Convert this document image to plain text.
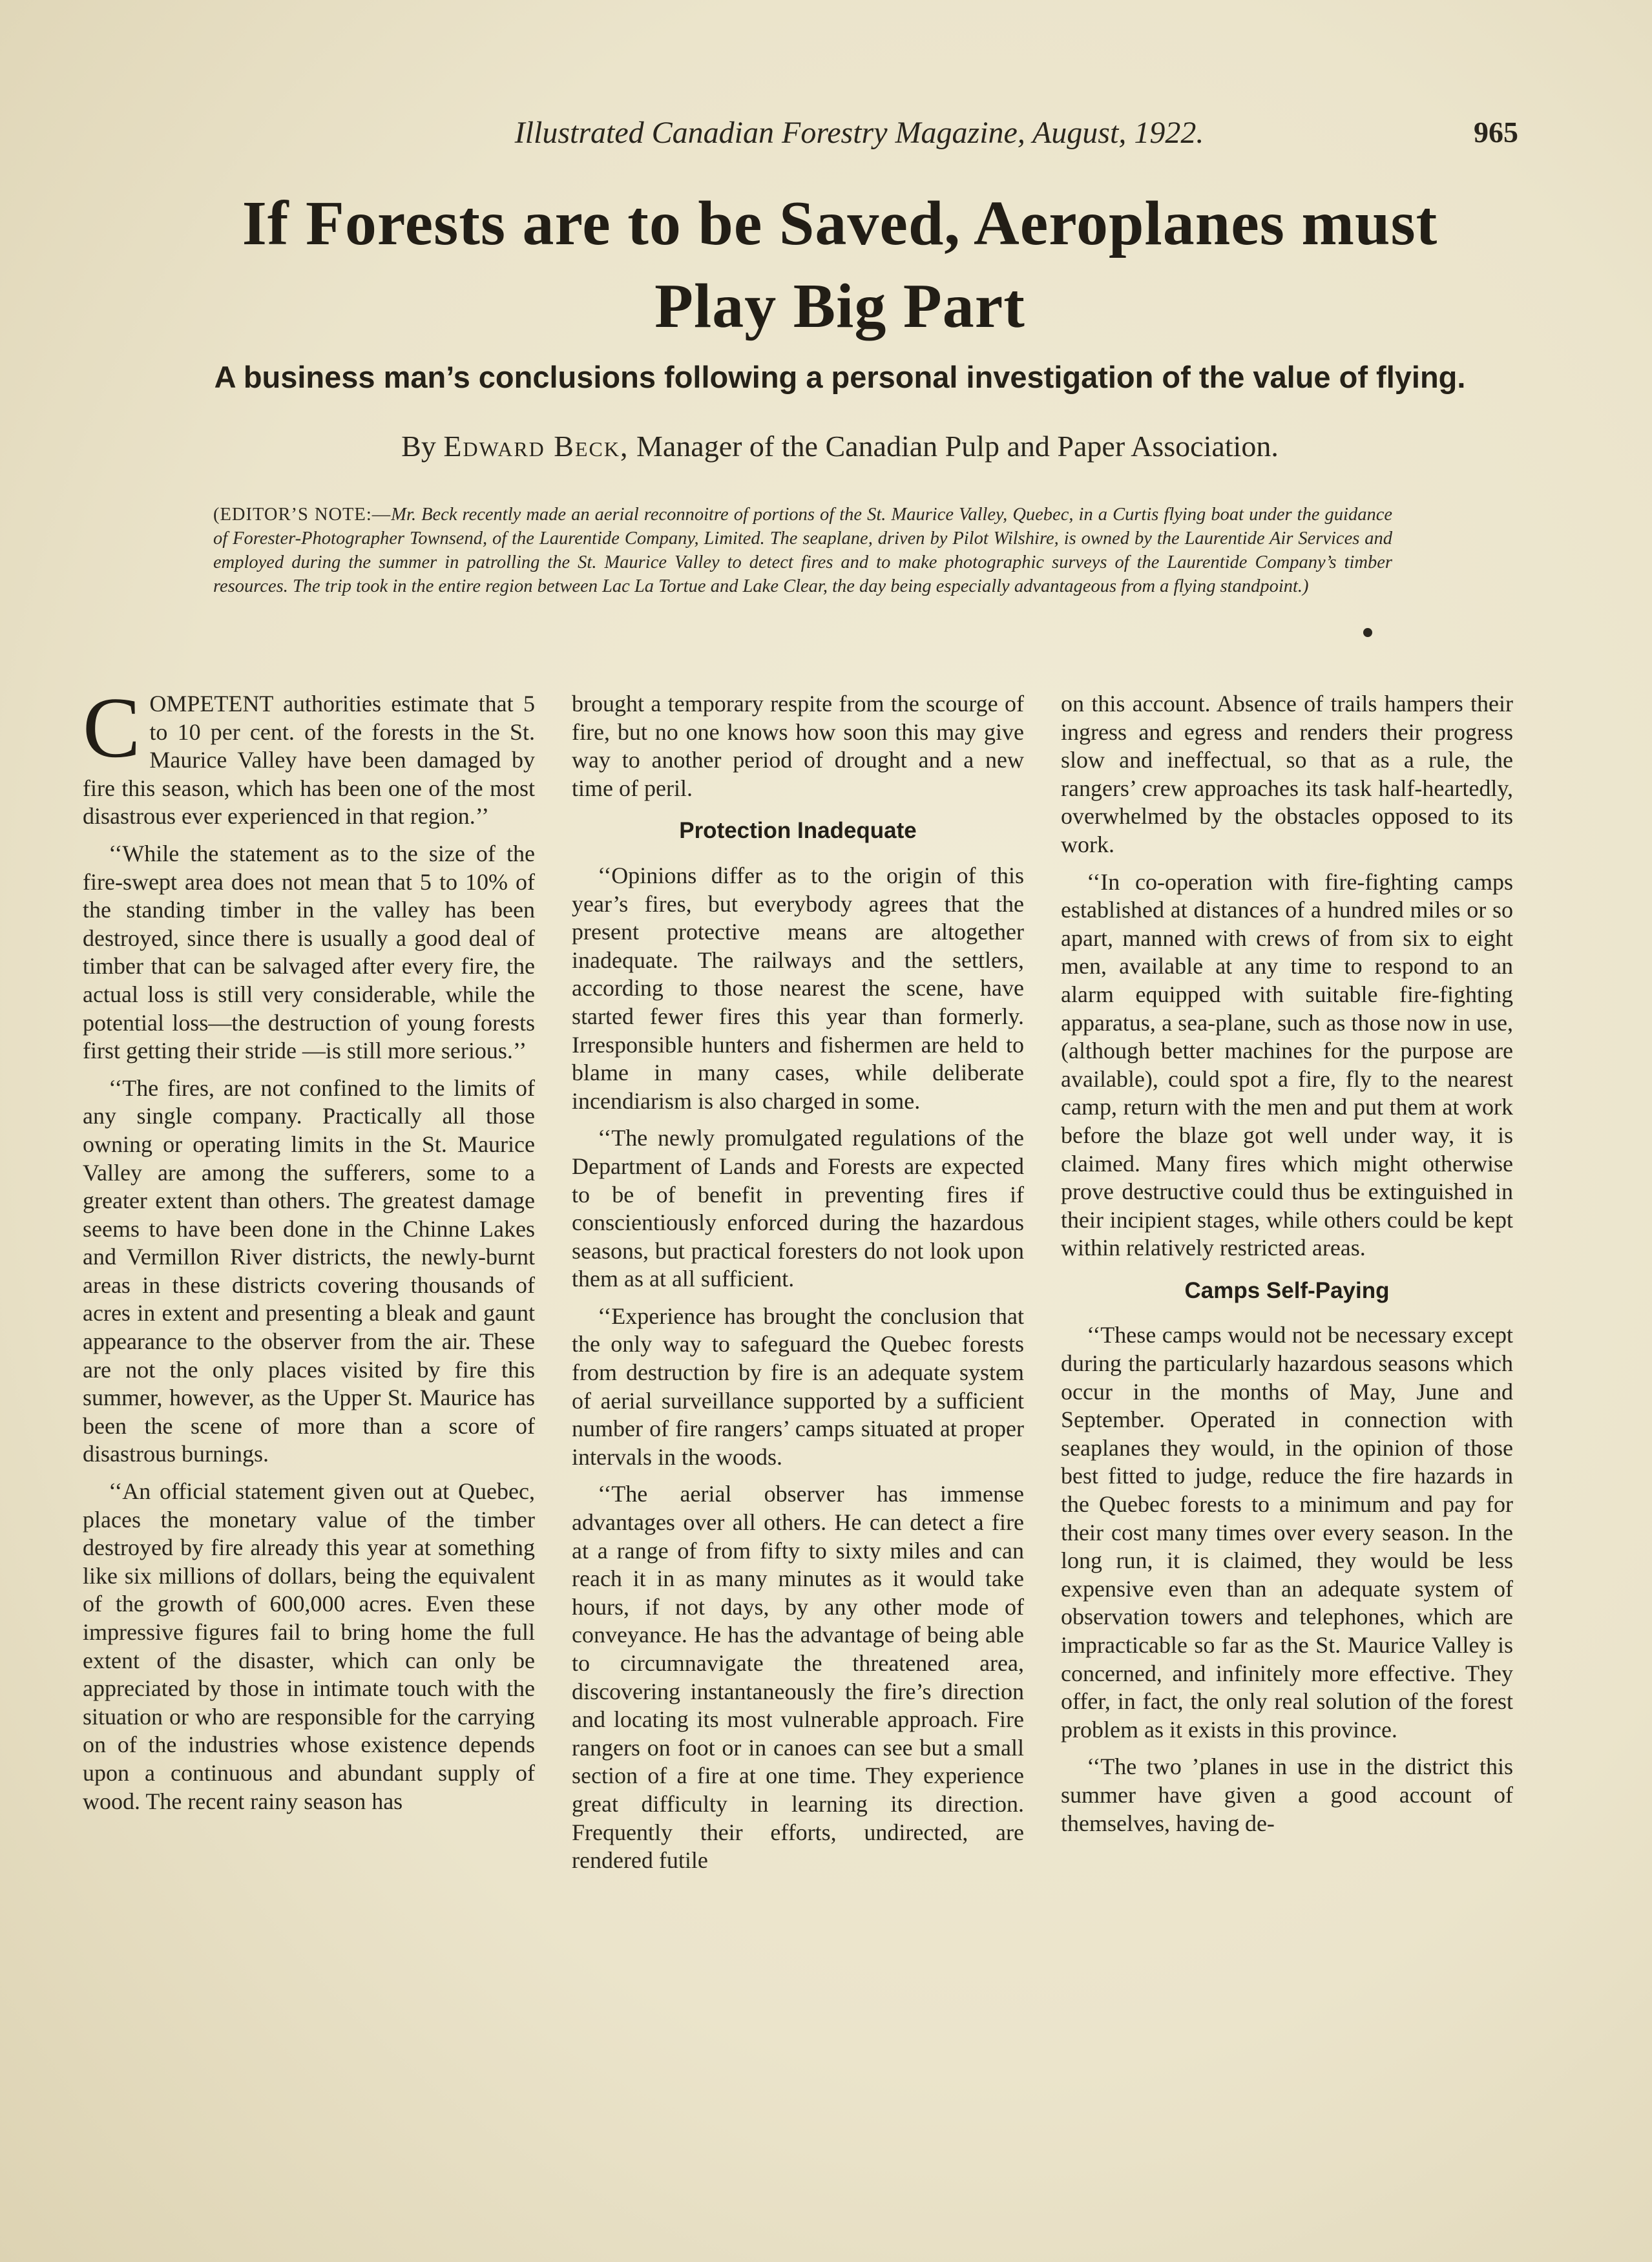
Illustrated Canadian Forestry Magazine, August, 1922.	965
If Forests are to be Saved, Aeroplanes must
Play Big Part
A business man’s conclusions following a personal investigation of the value of flying.
By Edward Beck, Manager of the Canadian Pulp and Paper Association.
(EDITOR’S NOTE:—Mr. Beck recently made an aerial reconnoitre of portions of the St. Maurice Valley, Quebec, in a Curtis flying boat under the guidance of Forester-Photographer Townsend, of the Laurentide Company, Limited. The seaplane, driven by Pilot Wilshire, is owned by the Laurentide Air Services and employed during the summer in patrolling the St. Maurice Valley to detect fires and to make photographic surveys of the Laurentide Company’s timber resources. The trip took in the entire region between Lac La Tortue and Lake Clear, the day being especially advantageous from a flying standpoint.)

COMPETENT authorities estimate that 5 to 10 per cent. of the forests in the St. Maurice Valley have been damaged by fire this season, which has been one of the most disastrous ever experienced in that region.’’

‘‘While the statement as to the size of the fire-swept area does not mean that 5 to 10% of the standing timber in the valley has been destroyed, since there is usually a good deal of timber that can be salvaged after every fire, the actual loss is still very considerable, while the potential loss—the destruction of young forests first getting their stride —is still more serious.’’

‘‘The fires, are not confined to the limits of any single company. Practically all those owning or operating limits in the St. Maurice Valley are among the sufferers, some to a greater extent than others. The greatest damage seems to have been done in the Chinne Lakes and Vermillon River districts, the newly-burnt areas in these districts covering thousands of acres in extent and presenting a bleak and gaunt appearance to the observer from the air. These are not the only places visited by fire this summer, however, as the Upper St. Maurice has been the scene of more than a score of disastrous burnings.

‘‘An official statement given out at Quebec, places the monetary value of the timber destroyed by fire already this year at something like six millions of dollars, being the equivalent of the growth of 600,000 acres. Even these impressive figures fail to bring home the full extent of the disaster, which can only be appreciated by those in intimate touch with the situation or who are responsible for the carrying on of the industries whose existence depends upon a continuous and abundant supply of wood. The recent rainy season has

brought a temporary respite from the scourge of fire, but no one knows how soon this may give way to another period of drought and a new time of peril.

Protection Inadequate

‘‘Opinions differ as to the origin of this year’s fires, but everybody agrees that the present protective means are altogether inadequate. The railways and the settlers, according to those nearest the scene, have started fewer fires this year than formerly. Irresponsible hunters and fishermen are held to blame in many cases, while deliberate incendiarism is also charged in some.

‘‘The newly promulgated regulations of the Department of Lands and Forests are expected to be of benefit in preventing fires if conscientiously enforced during the hazardous seasons, but practical foresters do not look upon them as at all sufficient.

‘‘Experience has brought the conclusion that the only way to safeguard the Quebec forests from destruction by fire is an adequate system of aerial surveillance supported by a sufficient number of fire rangers’ camps situated at proper intervals in the woods.

‘‘The aerial observer has immense advantages over all others. He can detect a fire at a range of from fifty to sixty miles and can reach it in as many minutes as it would take hours, if not days, by any other mode of conveyance. He has the advantage of being able to circumnavigate the threatened area, discovering instantaneously the fire’s direction and locating its most vulnerable approach. Fire rangers on foot or in canoes can see but a small section of a fire at one time. They experience great difficulty in learning its direction. Frequently their efforts, undirected, are rendered futile

on this account. Absence of trails hampers their ingress and egress and renders their progress slow and ineffectual, so that as a rule, the rangers’ crew approaches its task half-heartedly, overwhelmed by the obstacles opposed to its work.

‘‘In co-operation with fire-fighting camps established at distances of a hundred miles or so apart, manned with crews of from six to eight men, available at any time to respond to an alarm equipped with suitable fire-fighting apparatus, a sea-plane, such as those now in use, (although better machines for the purpose are available), could spot a fire, fly to the nearest camp, return with the men and put them at work before the blaze got well under way, it is claimed. Many fires which might otherwise prove destructive could thus be extinguished in their incipient stages, while others could be kept within relatively restricted areas.

Camps Self-Paying

‘‘These camps would not be necessary except during the particularly hazardous seasons which occur in the months of May, June and September. Operated in connection with seaplanes they would, in the opinion of those best fitted to judge, reduce the fire hazards in the Quebec forests to a minimum and pay for their cost many times over every season. In the long run, it is claimed, they would be less expensive even than an adequate system of observation towers and telephones, which are impracticable so far as the St. Maurice Valley is concerned, and infinitely more effective. They offer, in fact, the only real solution of the forest problem as it exists in this province.

‘‘The two ’planes in use in the district this summer have given a good account of themselves, having de-
